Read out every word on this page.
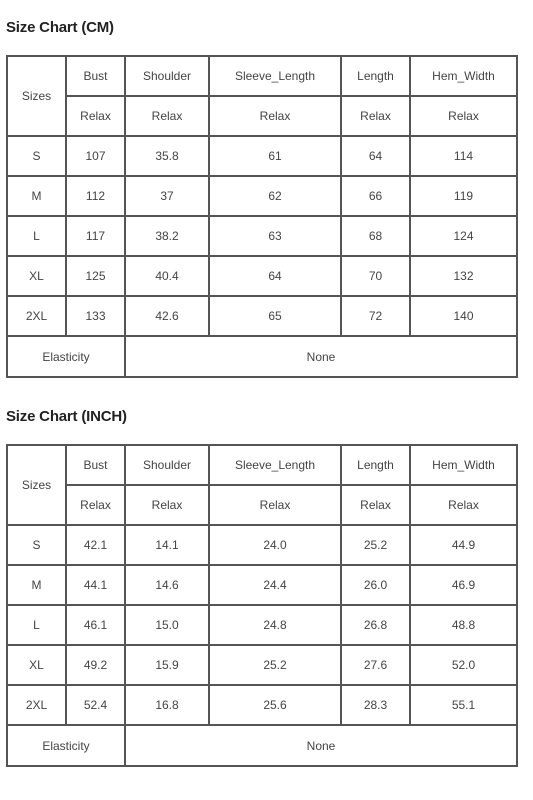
Size Chart (CM)
Sizes	Bust	Shoulder	Sleeve_Length	Length	Hem_Width
	Relax	Relax	Relax	Relax	Relax
S	107	35.8	61	64	114
M	112	37	62	66	119
L	117	38.2	63	68	124
XL	125	40.4	64	70	132
2XL	133	42.6	65	72	140
Elasticity		None			
Size Chart (INCH)
Sizes	Bust	Shoulder	Sleeve_Length	Length	Hem_Width
	Relax	Relax	Relax	Relax	Relax
S	42.1	14.1	24.0	25.2	44.9
M	44.1	14.6	24.4	26.0	46.9
L	46.1	15.0	24.8	26.8	48.8
XL	49.2	15.9	25.2	27.6	52.0
2XL	52.4	16.8	25.6	28.3	55.1
Elasticity		None			
